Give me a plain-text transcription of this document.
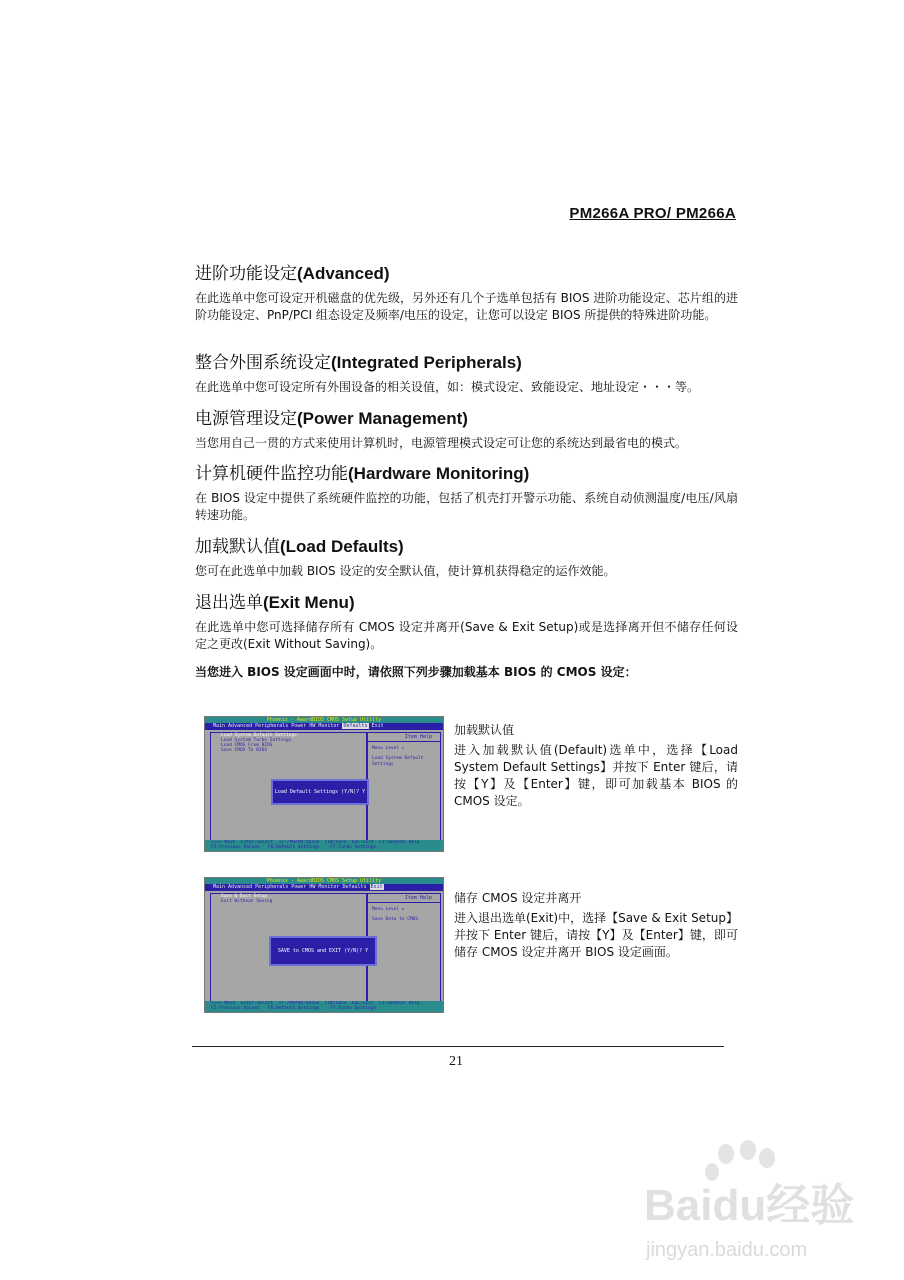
PM266A PRO/ PM266A
进阶功能设定(Advanced)

在此选单中您可设定开机磁盘的优先级，另外还有几个子选单包括有 BIOS 进阶功能设定、芯片组的进阶功能设定、PnP/PCI 组态设定及频率/电压的设定，让您可以设定 BIOS 所提供的特殊进阶功能。

整合外围系统设定(Integrated Peripherals)

在此选单中您可设定所有外围设备的相关设值，如：模式设定、致能设定、地址设定・・・等。

电源管理设定(Power Management)

当您用自己一贯的方式来使用计算机时，电源管理模式设定可让您的系统达到最省电的模式。

计算机硬件监控功能(Hardware Monitoring)

在 BIOS 设定中提供了系统硬件监控的功能，包括了机壳打开警示功能、系统自动侦测温度/电压/风扇转速功能。

加载默认值(Load Defaults)

您可在此选单中加载 BIOS 设定的安全默认值，使计算机获得稳定的运作效能。

退出选单(Exit Menu)

在此选单中您可选择储存所有 CMOS 设定并离开(Save & Exit Setup)或是选择离开但不储存任何设定之更改(Exit Without Saving)。

当您进入 BIOS 设定画面中时，请依照下列步骤加载基本 BIOS 的 CMOS 设定：
Phoenix - AwardBIOS CMOS Setup Utility
Main Advanced Peripherals Power HW Monitor Defaults Exit
Load System Default Settings
Load System Turbo Settings
Load CMOS From BIOS
Save CMOS To BIOS
Item Help
Menu Level ▸
Load System Default
Settings
Load Default Settings (Y/N)? Y
↑↓→← Move  Enter:Select  +/-/PU/PD:Value  F10:Save  ESC:Exit  F1:General Help
F5:Previous Values   F6:Default Settings    F7:Turbo Settings
加载默认值
进入加载默认值(Default)选单中，选择【Load System Default Settings】并按下 Enter 键后，请按【Y】及【Enter】键，即可加载基本 BIOS 的 CMOS 设定。
Phoenix - AwardBIOS CMOS Setup Utility
Main Advanced Peripherals Power HW Monitor Defaults Exit
Save & Exit Setup
Exit Without Saving
Item Help
Menu Level ▸
Save Data to CMOS
SAVE to CMOS and EXIT (Y/N)? Y
↑↓→← Move  Enter:Select  +/-/PU/PD:Value  F10:Save  ESC:Exit  F1:General Help
F5:Previous Values   F6:Default Settings    F7:Turbo Settings
储存 CMOS 设定并离开
进入退出选单(Exit)中，选择【Save & Exit Setup】并按下 Enter 键后，请按【Y】及【Enter】键，即可储存 CMOS 设定并离开 BIOS 设定画面。
21
Baidu经验
jingyan.baidu.com
